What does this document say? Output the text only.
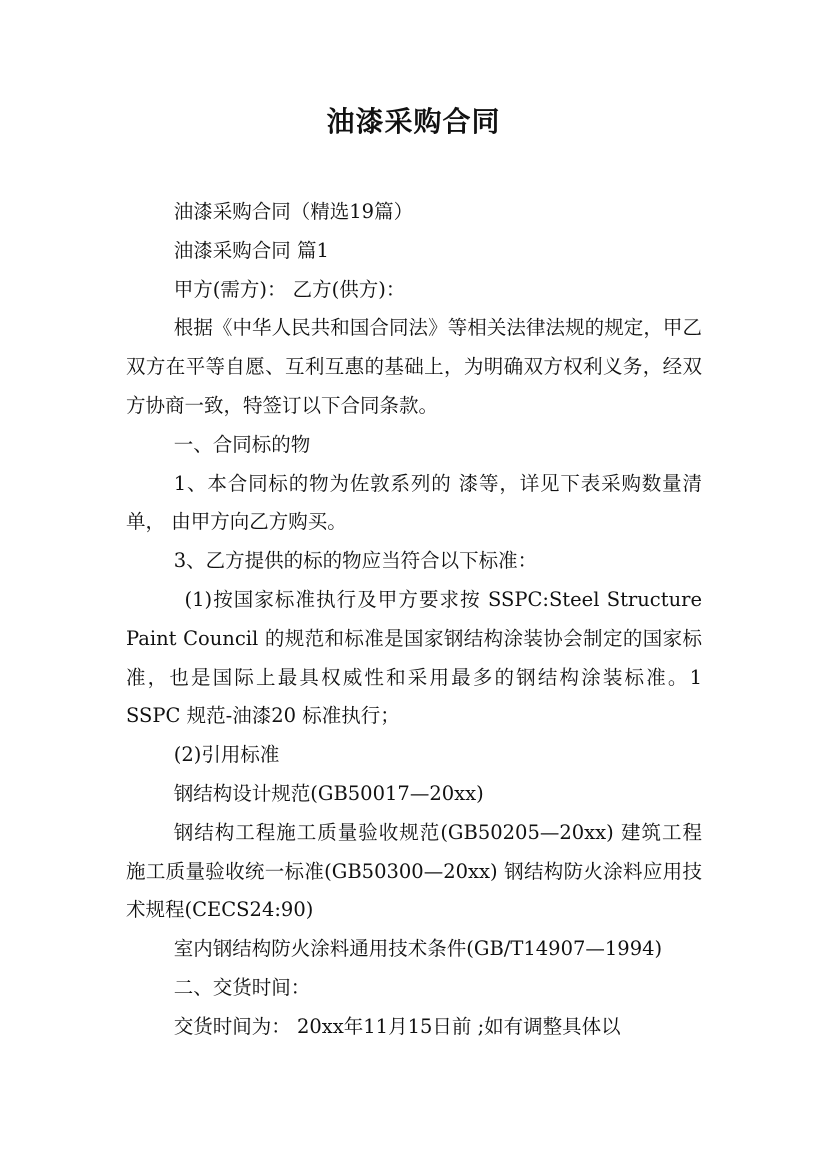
油漆采购合同

油漆采购合同（精选19篇）

油漆采购合同 篇1

甲方(需方)： 乙方(供方)：

根据《中华人民共和国合同法》等相关法律法规的规定，甲乙双方在平等自愿、互利互惠的基础上，为明确双方权利义务，经双方协商一致，特签订以下合同条款。

一、合同标的物

1、本合同标的物为佐敦系列的 漆等，详见下表采购数量清单， 由甲方向乙方购买。

3、乙方提供的标的物应当符合以下标准：

(1)按国家标准执行及甲方要求按 SSPC:Steel Structure Paint Council 的规范和标准是国家钢结构涂装协会制定的国家标准，也是国际上最具权威性和采用最多的钢结构涂装标准。1 SSPC 规范-油漆20 标准执行；

(2)引用标准

钢结构设计规范(GB50017—20xx)

钢结构工程施工质量验收规范(GB50205—20xx) 建筑工程施工质量验收统一标准(GB50300—20xx) 钢结构防火涂料应用技术规程(CECS24:90)

室内钢结构防火涂料通用技术条件(GB/T14907—1994)

二、交货时间：

交货时间为： 20xx年11月15日前 ;如有调整具体以
